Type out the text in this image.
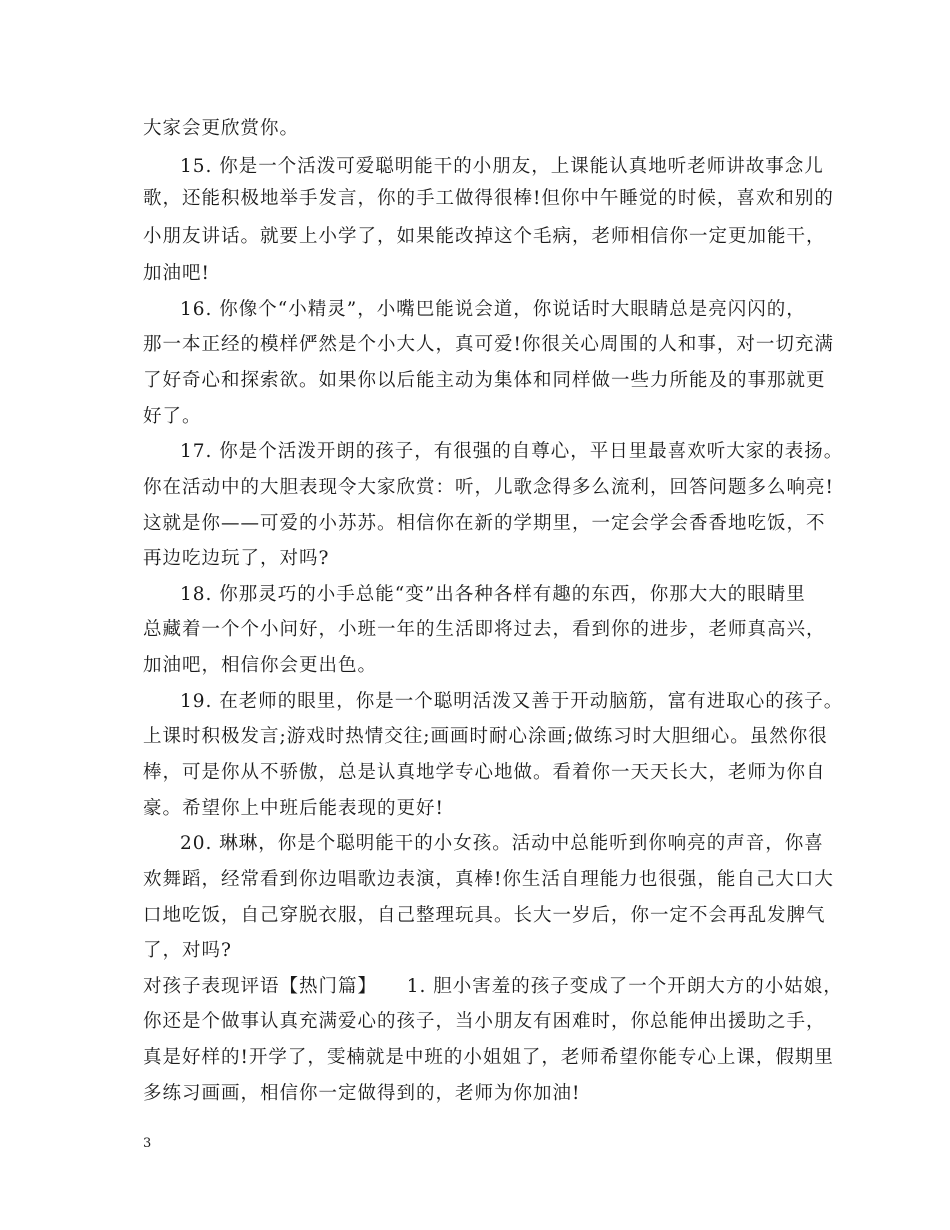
大家会更欣赏你。
15. 你是一个活泼可爱聪明能干的小朋友，上课能认真地听老师讲故事念儿
歌，还能积极地举手发言，你的手工做得很棒!但你中午睡觉的时候，喜欢和别的
小朋友讲话。就要上小学了，如果能改掉这个毛病，老师相信你一定更加能干，
加油吧!
16. 你像个“小精灵”，小嘴巴能说会道，你说话时大眼睛总是亮闪闪的，
那一本正经的模样俨然是个小大人，真可爱!你很关心周围的人和事，对一切充满
了好奇心和探索欲。如果你以后能主动为集体和同样做一些力所能及的事那就更
好了。
17. 你是个活泼开朗的孩子，有很强的自尊心，平日里最喜欢听大家的表扬。
你在活动中的大胆表现令大家欣赏：听，儿歌念得多么流利，回答问题多么响亮!
这就是你——可爱的小苏苏。相信你在新的学期里，一定会学会香香地吃饭，不
再边吃边玩了，对吗?
18. 你那灵巧的小手总能“变”出各种各样有趣的东西，你那大大的眼睛里
总藏着一个个小问好，小班一年的生活即将过去，看到你的进步，老师真高兴，
加油吧，相信你会更出色。
19. 在老师的眼里，你是一个聪明活泼又善于开动脑筋，富有进取心的孩子。
上课时积极发言;游戏时热情交往;画画时耐心涂画;做练习时大胆细心。虽然你很
棒，可是你从不骄傲，总是认真地学专心地做。看着你一天天长大，老师为你自
豪。希望你上中班后能表现的更好!
20. 琳琳，你是个聪明能干的小女孩。活动中总能听到你响亮的声音，你喜
欢舞蹈，经常看到你边唱歌边表演，真棒!你生活自理能力也很强，能自己大口大
口地吃饭，自己穿脱衣服，自己整理玩具。长大一岁后，你一定不会再乱发脾气
了，对吗?
对孩子表现评语【热门篇】　　1. 胆小害羞的孩子变成了一个开朗大方的小姑娘，
你还是个做事认真充满爱心的孩子，当小朋友有困难时，你总能伸出援助之手，
真是好样的!开学了，雯楠就是中班的小姐姐了，老师希望你能专心上课，假期里
多练习画画，相信你一定做得到的，老师为你加油!
3
